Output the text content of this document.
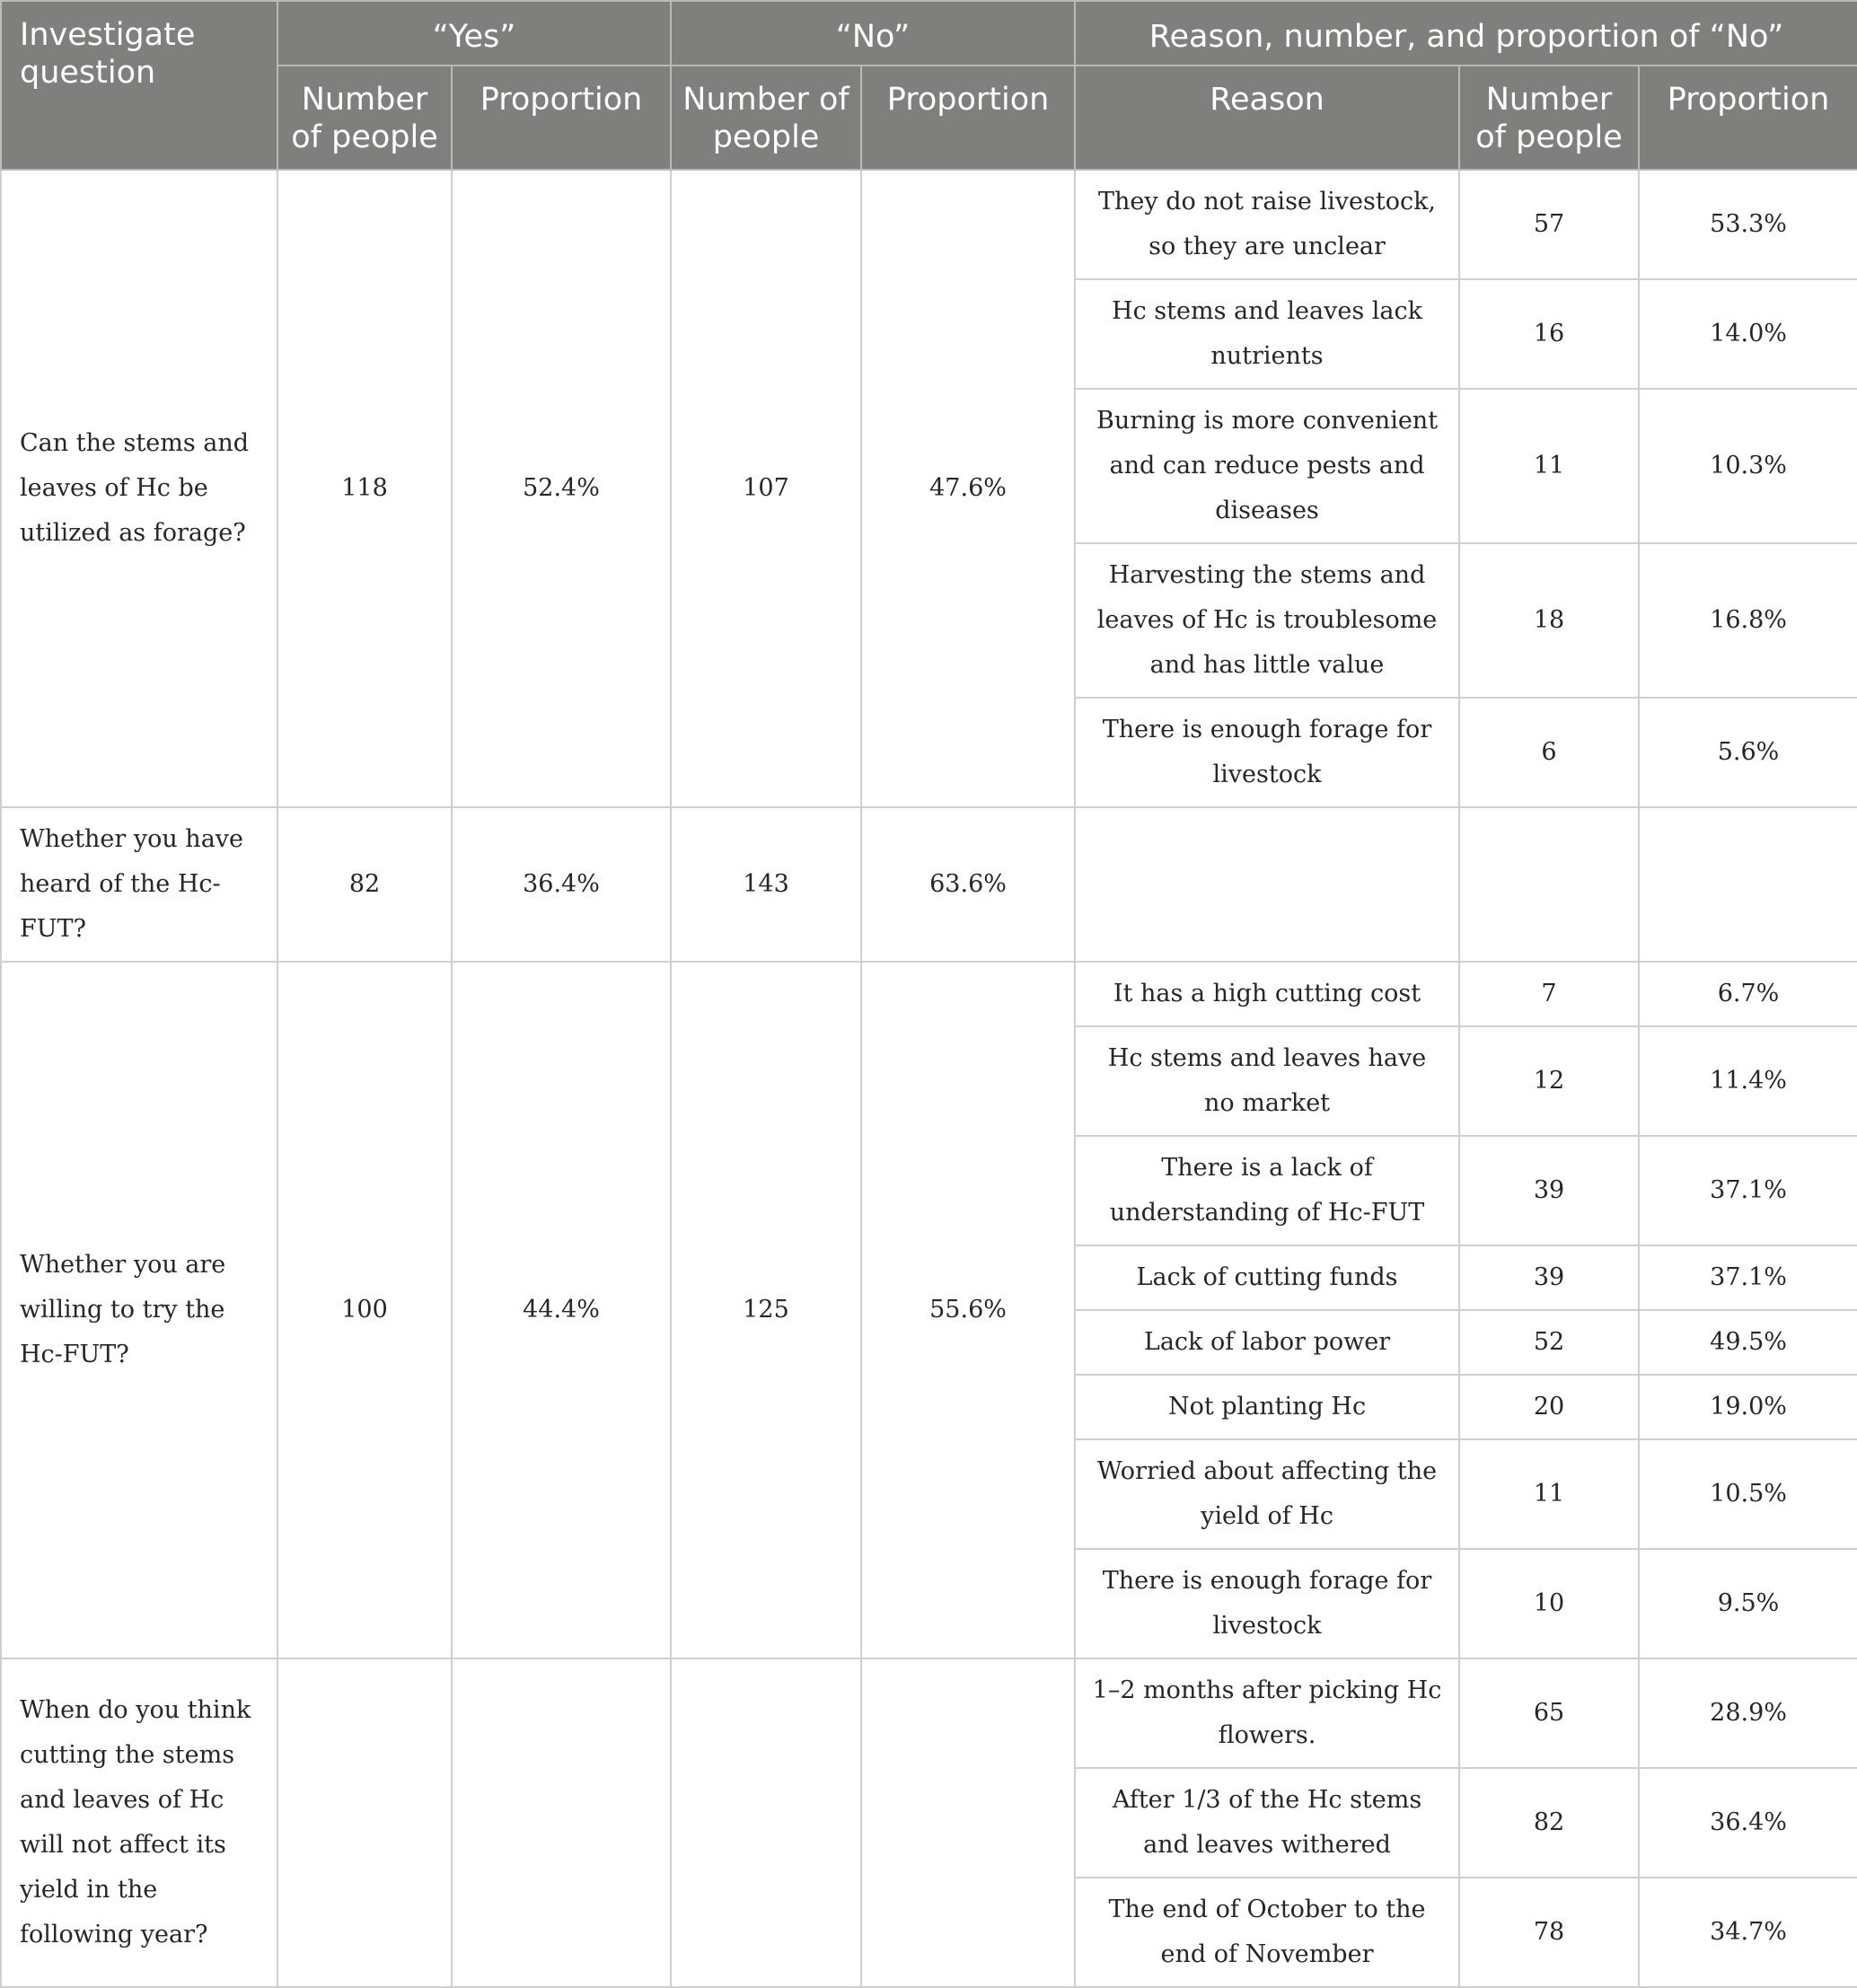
Investigate question	“Yes”		“No”		Reason, number, and proportion of “No”		
	Number of people	Proportion	Number of people	Proportion	Reason	Number of people	Proportion
Can the stems and leaves of Hc be utilized as forage?	118	52.4%	107	47.6%	They do not raise livestock, so they are unclear	57	53.3%
					Hc stems and leaves lack nutrients	16	14.0%
					Burning is more convenient and can reduce pests and diseases	11	10.3%
					Harvesting the stems and leaves of Hc is troublesome and has little value	18	16.8%
					There is enough forage for livestock	6	5.6%
Whether you have heard of the Hc-FUT?	82	36.4%	143	63.6%			
Whether you are willing to try the Hc-FUT?	100	44.4%	125	55.6%	It has a high cutting cost	7	6.7%
					Hc stems and leaves have no market	12	11.4%
					There is a lack of understanding of Hc-FUT	39	37.1%
					Lack of cutting funds	39	37.1%
					Lack of labor power	52	49.5%
					Not planting Hc	20	19.0%
					Worried about affecting the yield of Hc	11	10.5%
					There is enough forage for livestock	10	9.5%
When do you think cutting the stems and leaves of Hc will not affect its yield in the following year?					1–2 months after picking Hc flowers.	65	28.9%
					After 1/3 of the Hc stems and leaves withered	82	36.4%
					The end of October to the end of November	78	34.7%
